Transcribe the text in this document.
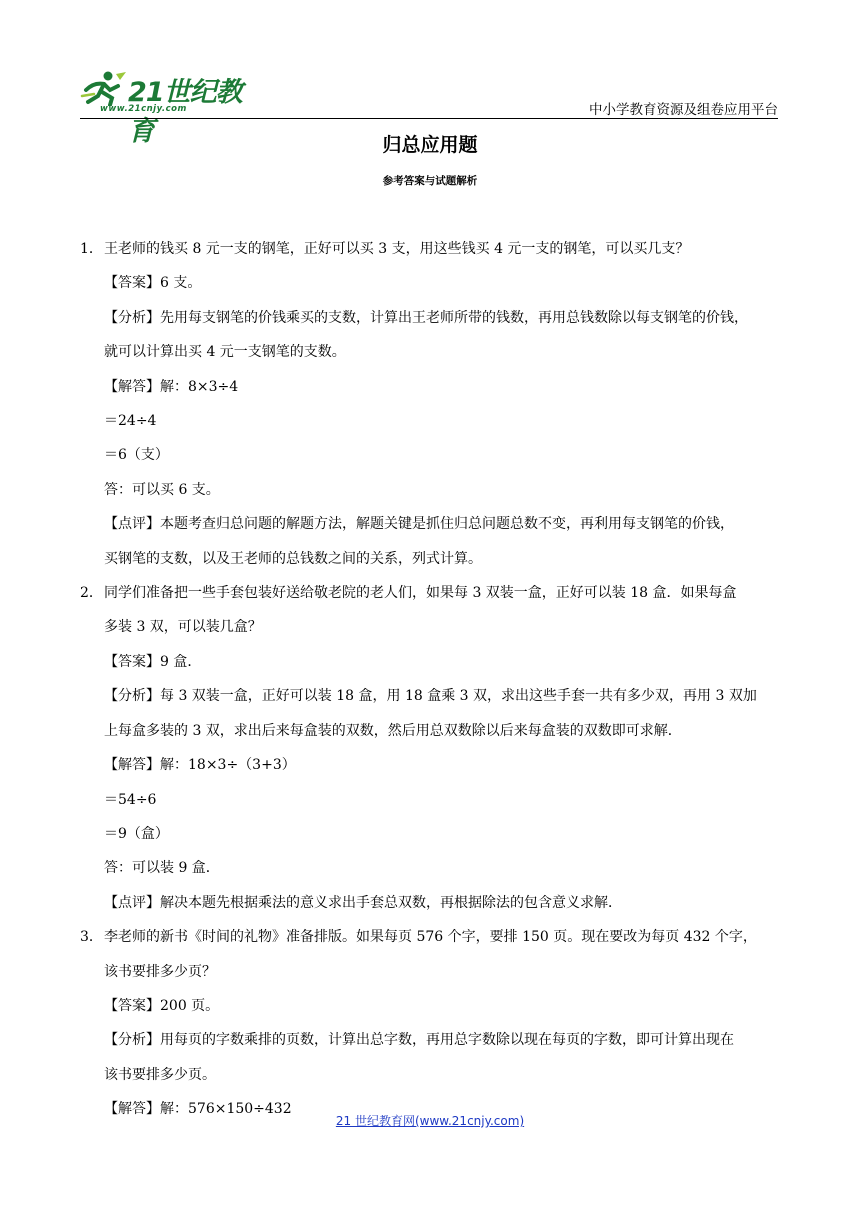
21世纪教育
www.21cnjy.com	中小学教育资源及组卷应用平台
归总应用题
参考答案与试题解析

1．王老师的钱买 8 元一支的钢笔，正好可以买 3 支，用这些钱买 4 元一支的钢笔，可以买几支？

【答案】6 支。

【分析】先用每支钢笔的价钱乘买的支数，计算出王老师所带的钱数，再用总钱数除以每支钢笔的价钱，

就可以计算出买 4 元一支钢笔的支数。

【解答】解：8×3÷4

＝24÷4

＝6（支）

答：可以买 6 支。

【点评】本题考查归总问题的解题方法，解题关键是抓住归总问题总数不变，再利用每支钢笔的价钱，

买钢笔的支数，以及王老师的总钱数之间的关系，列式计算。

2．同学们准备把一些手套包装好送给敬老院的老人们，如果每 3 双装一盒，正好可以装 18 盒．如果每盒

多装 3 双，可以装几盒？

【答案】9 盒．

【分析】每 3 双装一盒，正好可以装 18 盒，用 18 盒乘 3 双，求出这些手套一共有多少双，再用 3 双加

上每盒多装的 3 双，求出后来每盒装的双数，然后用总双数除以后来每盒装的双数即可求解．

【解答】解：18×3÷（3+3）

＝54÷6

＝9（盒）

答：可以装 9 盒．

【点评】解决本题先根据乘法的意义求出手套总双数，再根据除法的包含意义求解．

3．李老师的新书《时间的礼物》准备排版。如果每页 576 个字，要排 150 页。现在要改为每页 432 个字，

该书要排多少页？

【答案】200 页。

【分析】用每页的字数乘排的页数，计算出总字数，再用总字数除以现在每页的字数，即可计算出现在

该书要排多少页。

【解答】解：576×150÷432

21 世纪教育网(www.21cnjy.com)
